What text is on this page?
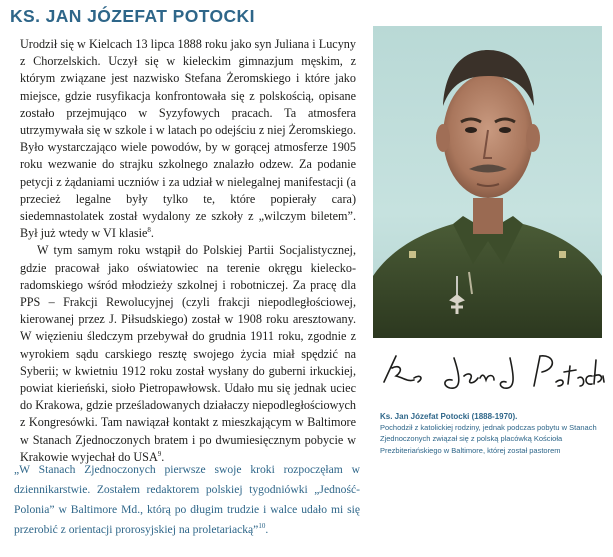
KS. JAN JÓZEFAT POTOCKI

Urodził się w Kielcach 13 lipca 1888 roku jako syn Juliana i Lucyny z Chorzelskich. Uczył się w kieleckim gimnazjum męskim, z którym związane jest nazwisko Stefana Żeromskiego i które jako miejsce, gdzie rusyfikacja konfrontowała się z polskością, opisane zostało przejmująco w Syzyfowych pracach. Ta atmosfera utrzymywała się w szkole i w latach po odejściu z niej Żeromskiego. Było wystarczająco wiele powodów, by w gorącej atmosferze 1905 roku wezwanie do strajku szkolnego znalazło odzew. Za podanie petycji z żądaniami uczniów i za udział w nielegalnej manifestacji (a przecież legalne były tylko te, które popierały cara) siedemnastolatek został wydalony ze szkoły z „wilczym biletem”. Był już wtedy w VI klasie$^8$.

W tym samym roku wstąpił do Polskiej Partii Socjalistycznej, gdzie pracował jako oświatowiec na terenie okręgu kielecko-radomskiego wśród młodzieży szkolnej i robotniczej. Za pracę dla PPS – Frakcji Rewolucyjnej (czyli frakcji niepodległościowej, kierowanej przez J. Piłsudskiego) został w 1908 roku aresztowany. W więzieniu śledczym przebywał do grudnia 1911 roku, zgodnie z wyrokiem sądu carskiego resztę swojego życia miał spędzić na Syberii; w kwietniu 1912 roku został wysłany do guberni irkuckiej, powiat kierieński, sioło Pietropawłowsk. Udało mu się jednak uciec do Krakowa, gdzie prześladowanych działaczy niepodległościowych z Kongresówki. Tam nawiązał kontakt z mieszkającym w Baltimore w Stanach Zjednoczonych bratem i po dwumiesięcznym pobycie w Krakowie wyjechał do USA$^9$.

„W Stanach Zjednoczonych pierwsze swoje kroki rozpoczęłam w dziennikarstwie. Zostałem redaktorem polskiej tygodniówki „Jedność-Polonia” w Baltimore Md., którą po długim trudzie i walce udało mi się przerobić z orientacji prorosyjskiej na proletariacką”$^{10}$.

Ks. Jan Józefat Potocki (1888-1970).
Pochodził z katolickiej rodziny, jednak podczas pobytu w Stanach Zjednoczonych związał się z polską placówką Kościoła Prezbiteriańskiego w Baltimore, której został pastorem
